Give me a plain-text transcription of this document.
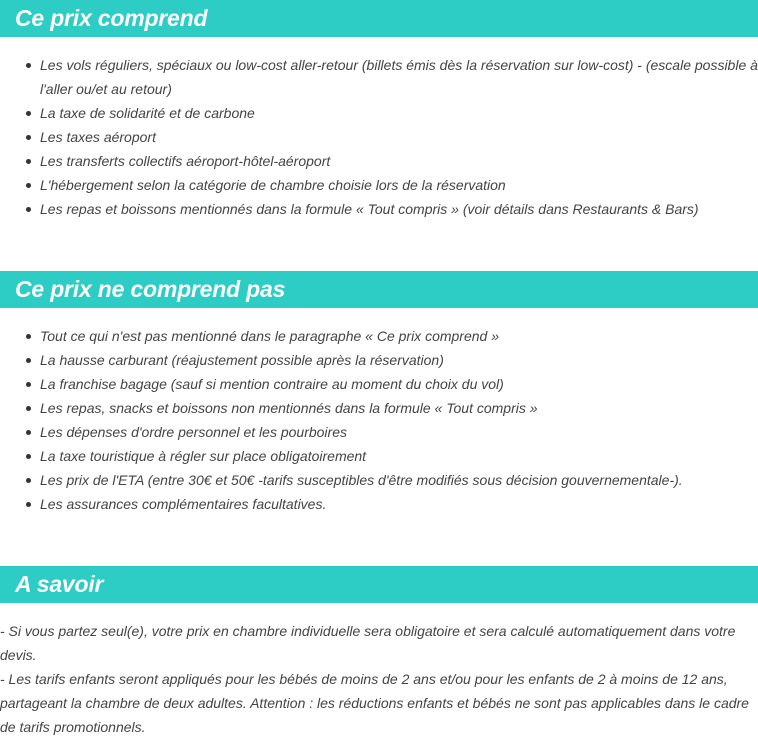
Ce prix comprend
Les vols réguliers, spéciaux ou low-cost aller-retour (billets émis dès la réservation sur low-cost) - (escale possible à l'aller ou/et au retour)
La taxe de solidarité et de carbone
Les taxes aéroport
Les transferts collectifs aéroport-hôtel-aéroport
L'hébergement selon la catégorie de chambre choisie lors de la réservation
Les repas et boissons mentionnés dans la formule « Tout compris » (voir détails dans Restaurants & Bars)
Ce prix ne comprend pas
Tout ce qui n'est pas mentionné dans le paragraphe « Ce prix comprend »
La hausse carburant (réajustement possible après la réservation)
La franchise bagage (sauf si mention contraire au moment du choix du vol)
Les repas, snacks et boissons non mentionnés dans la formule « Tout compris »
Les dépenses d'ordre personnel et les pourboires
La taxe touristique à régler sur place obligatoirement
Les prix de l'ETA (entre 30€ et 50€ -tarifs susceptibles d'être modifiés sous décision gouvernementale-).
Les assurances complémentaires facultatives.
A savoir

- Si vous partez seul(e), votre prix en chambre individuelle sera obligatoire et sera calculé automatiquement dans votre devis.

- Les tarifs enfants seront appliqués pour les bébés de moins de 2 ans et/ou pour les enfants de 2 à moins de 12 ans, partageant la chambre de deux adultes. Attention : les réductions enfants et bébés ne sont pas applicables dans le cadre de tarifs promotionnels.
